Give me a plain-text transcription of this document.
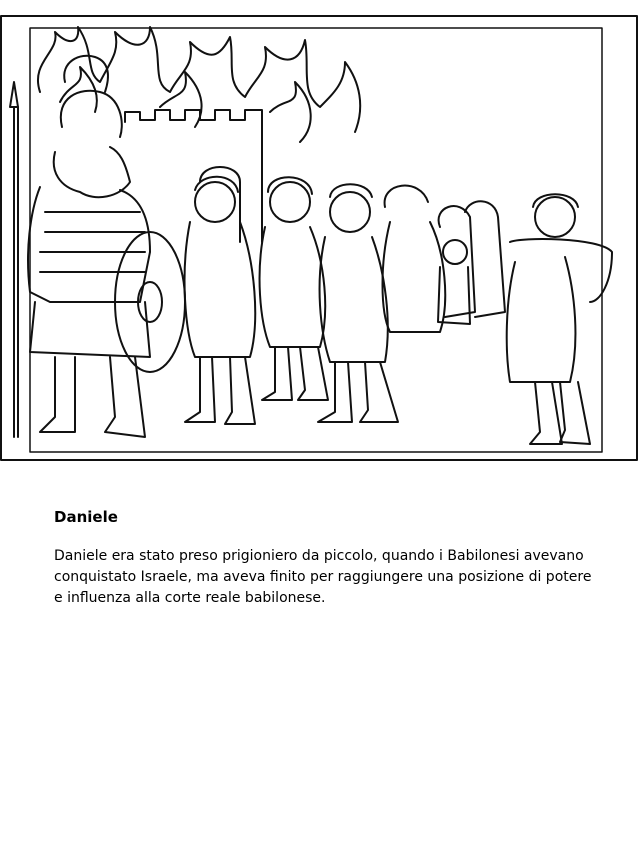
Daniele

Daniele era stato preso prigioniero da piccolo, quando i Babilonesi avevano conquistato Israele, ma aveva finito per raggiungere una posizione di potere e influenza alla corte reale babilonese.
